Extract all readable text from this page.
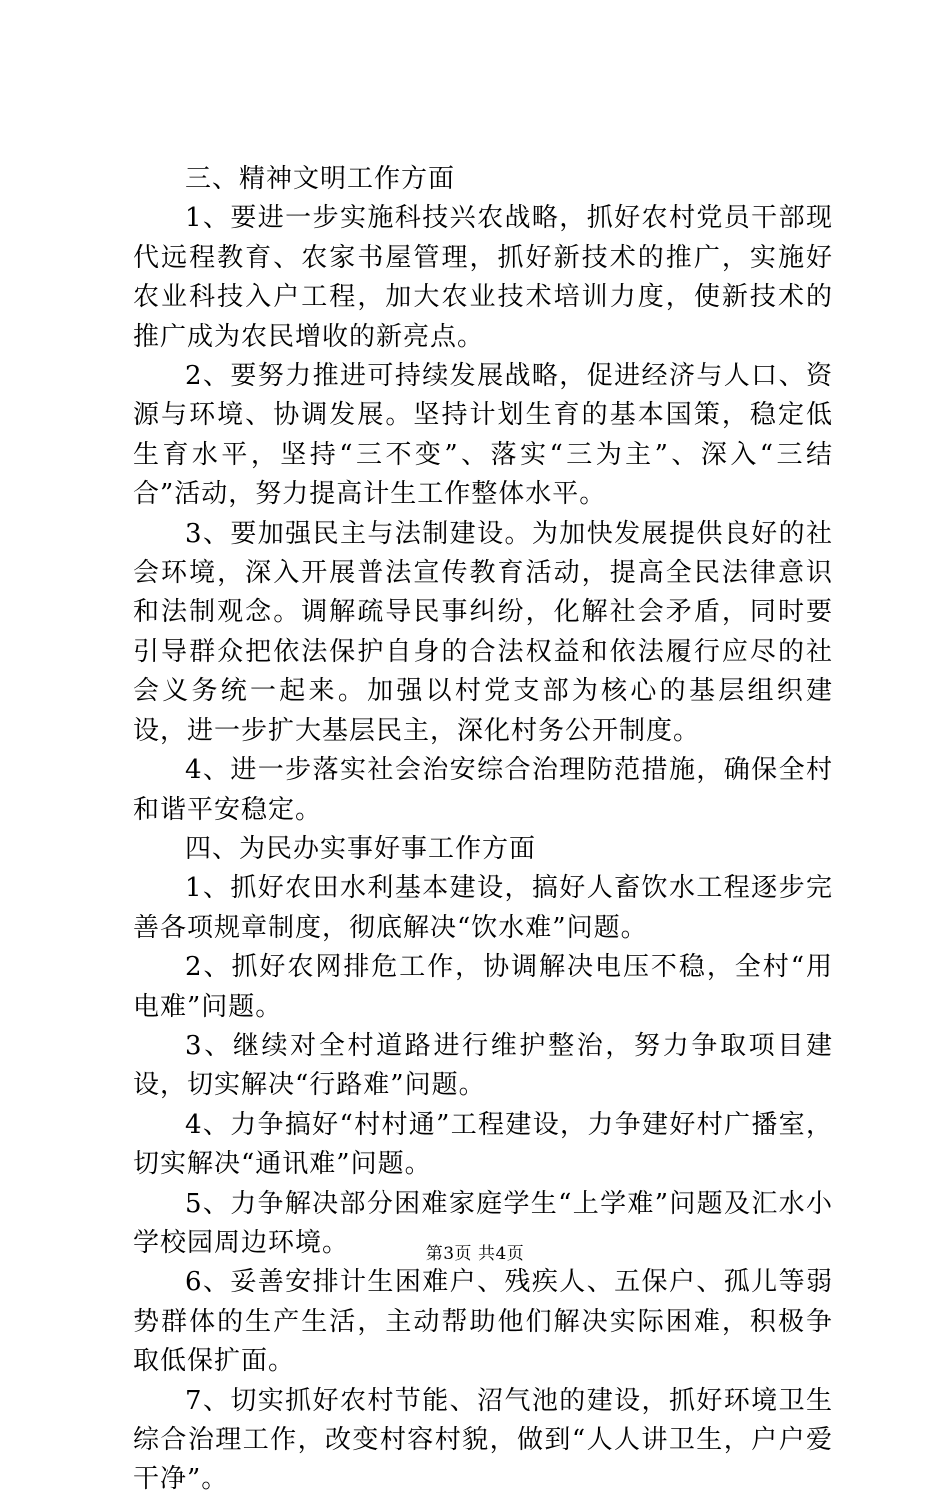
三、精神文明工作方面

1、要进一步实施科技兴农战略，抓好农村党员干部现代远程教育、农家书屋管理，抓好新技术的推广，实施好农业科技入户工程，加大农业技术培训力度，使新技术的推广成为农民增收的新亮点。

2、要努力推进可持续发展战略，促进经济与人口、资源与环境、协调发展。坚持计划生育的基本国策，稳定低生育水平，坚持“三不变”、落实“三为主”、深入“三结合”活动，努力提高计生工作整体水平。

3、要加强民主与法制建设。为加快发展提供良好的社会环境，深入开展普法宣传教育活动，提高全民法律意识和法制观念。调解疏导民事纠纷，化解社会矛盾，同时要引导群众把依法保护自身的合法权益和依法履行应尽的社会义务统一起来。加强以村党支部为核心的基层组织建设，进一步扩大基层民主，深化村务公开制度。

4、进一步落实社会治安综合治理防范措施，确保全村和谐平安稳定。

四、为民办实事好事工作方面

1、抓好农田水利基本建设，搞好人畜饮水工程逐步完善各项规章制度，彻底解决“饮水难”问题。

2、抓好农网排危工作，协调解决电压不稳，全村“用电难”问题。

3、继续对全村道路进行维护整治，努力争取项目建设，切实解决“行路难”问题。

4、力争搞好“村村通”工程建设，力争建好村广播室，切实解决“通讯难”问题。

5、力争解决部分困难家庭学生“上学难”问题及汇水小学校园周边环境。

6、妥善安排计生困难户、残疾人、五保户、孤儿等弱势群体的生产生活，主动帮助他们解决实际困难，积极争取低保扩面。

7、切实抓好农村节能、沼气池的建设，抓好环境卫生综合治理工作，改变村容村貌，做到“人人讲卫生，户户爱干净”。

第3页 共4页
